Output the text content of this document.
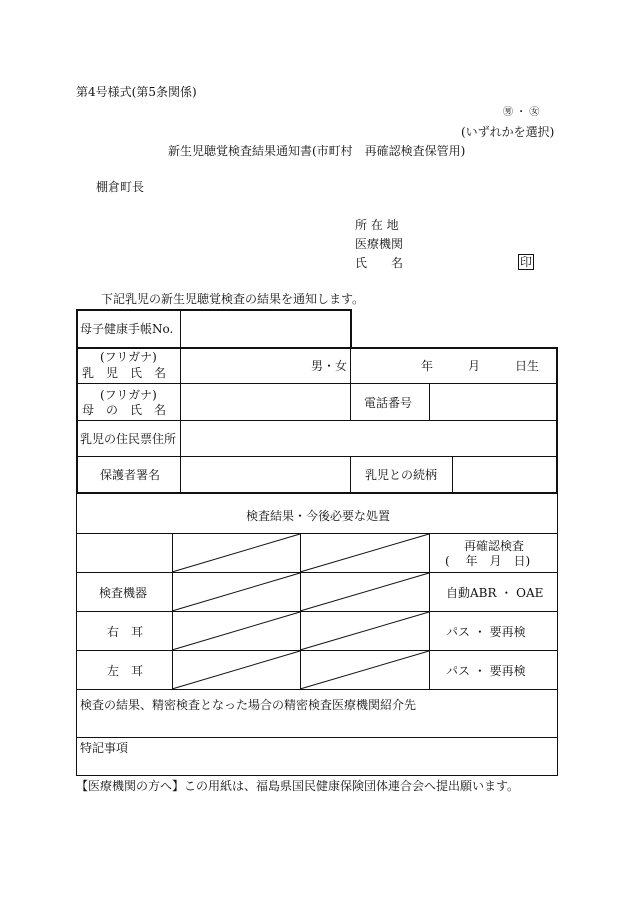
第4号様式(第5条関係)
㊚ ・ ㊛
(いずれかを選択)
新生児聴覚検査結果通知書(市町村　再確認検査保管用)
棚倉町長
所 在 地
医療機関
氏　　名	印
下記乳児の新生児聴覚検査の結果を通知します。
母子健康手帳No.
(フリガナ)
乳　児　氏　名	男・女	年	月	日生
(フリガナ)
母　の　氏　名	電話番号
乳児の住民票住所
保護者署名	乳児との続柄
検査結果・今後必要な処置
再確認検査
(　 年　月　日)
検査機器	自動ABR ・ OAE
右　耳	パス ・ 要再検
左　耳	パス ・ 要再検
検査の結果、精密検査となった場合の精密検査医療機関紹介先
特記事項
【医療機関の方へ】この用紙は、福島県国民健康保険団体連合会へ提出願います。
